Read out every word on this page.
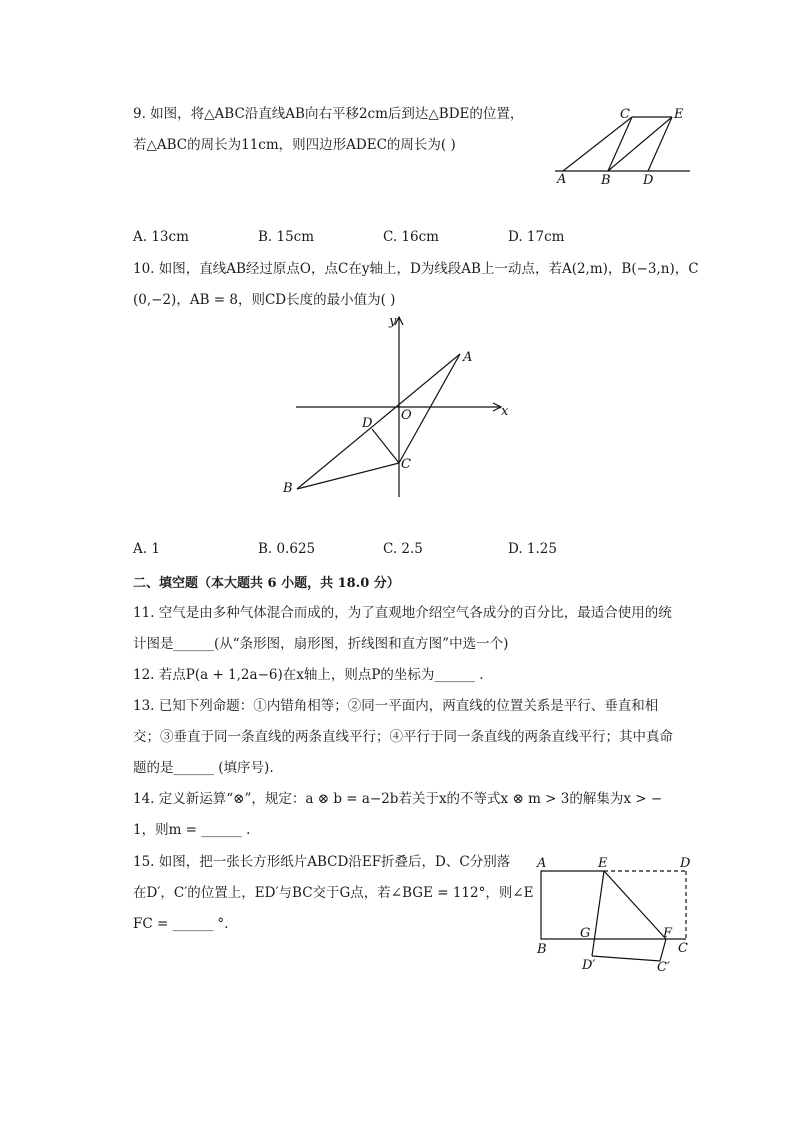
9. 如图，将△ABC沿直线AB向右平移2cm后到达△BDE的位置，
若△ABC的周长为11cm，则四边形ADEC的周长为( )
C	E
A	B D
A. 13cm	B. 15cm	C. 16cm	D. 17cm
10. 如图，直线AB经过原点O，点C在y轴上，D为线段AB上一动点，若A(2,m)，B(−3,n)，C
(0,−2)，AB = 8，则CD长度的最小值为( )
y
x
A
O
D
C
B
A. 1	B. 0.625	C. 2.5	D. 1.25
二、填空题（本大题共 6 小题，共 18.0 分）
11. 空气是由多种气体混合而成的，为了直观地介绍空气各成分的百分比，最适合使用的统
计图是______(从“条形图，扇形图，折线图和直方图”中选一个)
12. 若点P(a + 1,2a−6)在x轴上，则点P的坐标为______ .
13. 已知下列命题：①内错角相等；②同一平面内，两直线的位置关系是平行、垂直和相
交；③垂直于同一条直线的两条直线平行；④平行于同一条直线的两条直线平行；其中真命
题的是______ (填序号).
14. 定义新运算“⊗”，规定：a ⊗ b = a−2b若关于x的不等式x ⊗ m > 3的解集为x > −
1，则m = ______ .
15. 如图，把一张长方形纸片ABCD沿EF折叠后，D、C分别落
在D′，C′的位置上，ED′与BC交于G点，若∠BGE = 112°，则∠E
FC = ______ °.
A	E	D
G	F
C
B
D′	C′
